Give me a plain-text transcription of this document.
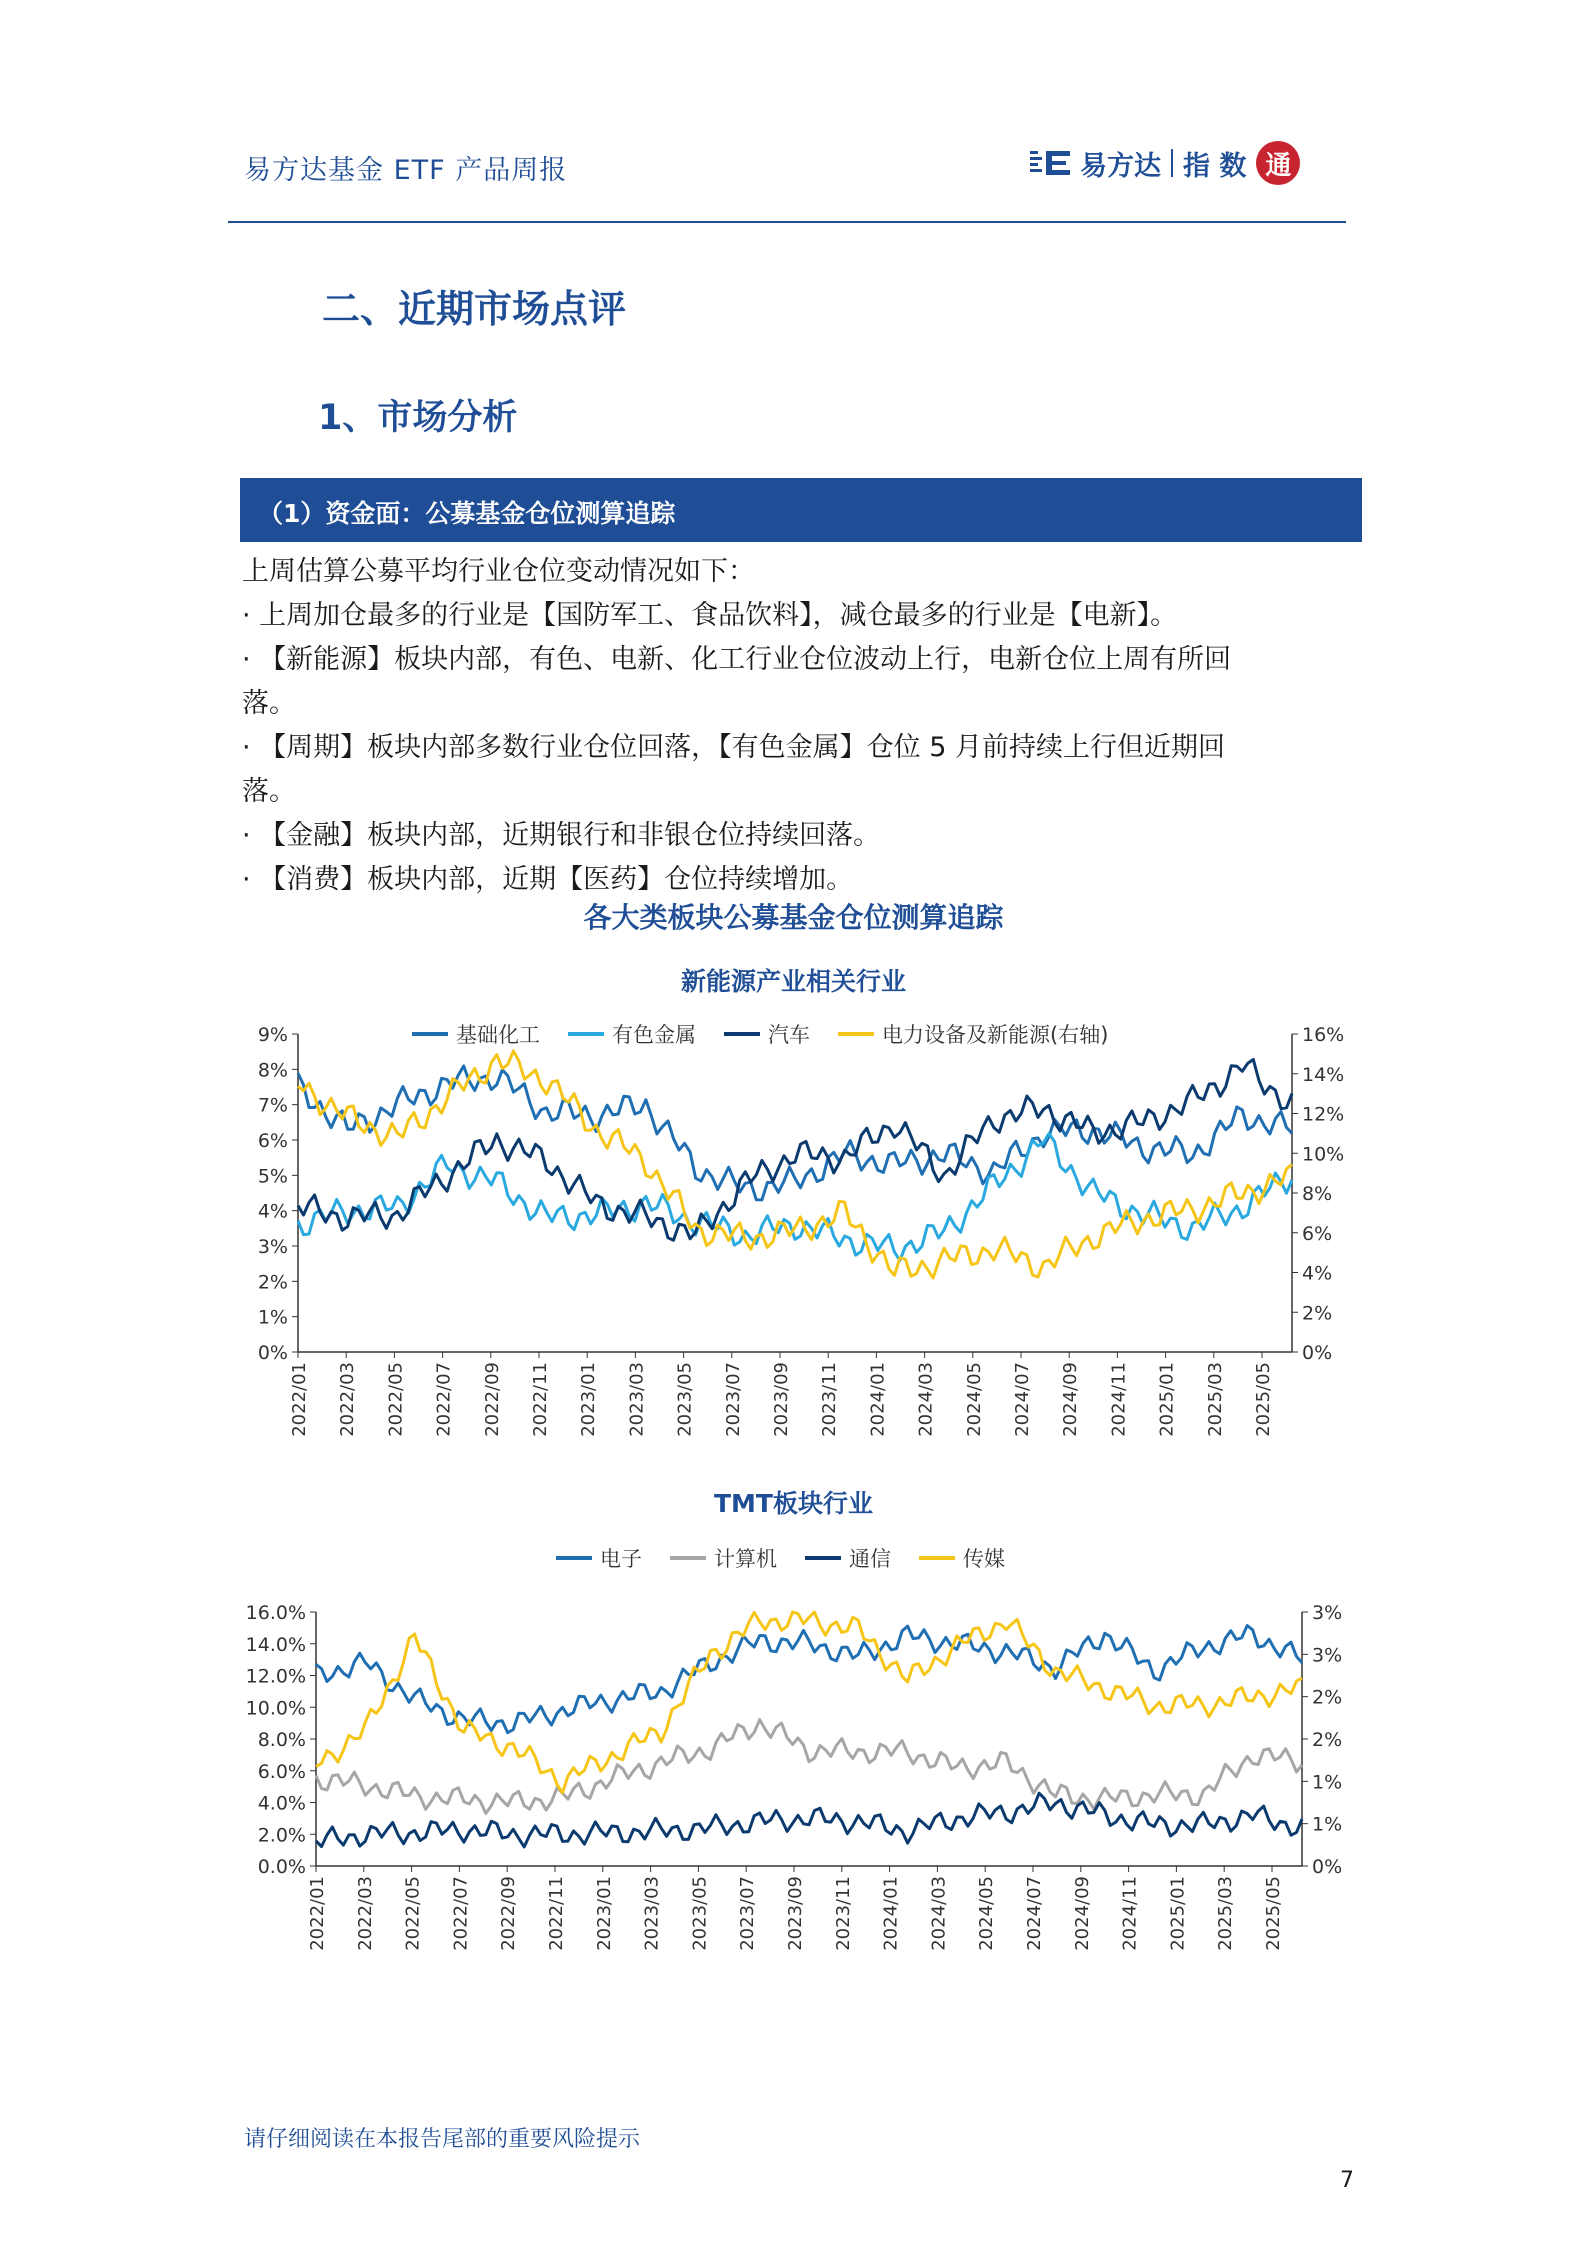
易方达基金 ETF 产品周报	易方达 指 数 通
二、近期市场点评
1、市场分析
（1）资金面：公募基金仓位测算追踪
上周估算公募平均行业仓位变动情况如下：
· 上周加仓最多的行业是【国防军工、食品饮料】，减仓最多的行业是【电新】。
· 【新能源】板块内部，有色、电新、化工行业仓位波动上行，电新仓位上周有所回
落。
· 【周期】板块内部多数行业仓位回落，【有色金属】仓位 5 月前持续上行但近期回
落。
· 【金融】板块内部，近期银行和非银仓位持续回落。
· 【消费】板块内部，近期【医药】仓位持续增加。
各大类板块公募基金仓位测算追踪
新能源产业相关行业
基础化工	有色金属	汽车	电力设备及新能源(右轴)
9%
8%
7%
6%
5%
4%
3%
2%
1%
0%
16%
14%
12%
10%
8%
6%
4%
2%
0%
2022/01 2022/03 2022/05 2022/07 2022/09 2022/11 2023/01 2023/03 2023/05 2023/07 2023/09 2023/11 2024/01 2024/03 2024/05 2024/07 2024/09 2024/11 2025/01 2025/03 2025/05
TMT板块行业
电子	计算机	通信	传媒
16.0%
14.0%
12.0%
10.0%
8.0%
6.0%
4.0%
2.0%
0.0%
3%
3%
2%
2%
1%
1%
0%
2022/01 2022/03 2022/05 2022/07 2022/09 2022/11 2023/01 2023/03 2023/05 2023/07 2023/09 2023/11 2024/01 2024/03 2024/05 2024/07 2024/09 2024/11 2025/01 2025/03 2025/05
请仔细阅读在本报告尾部的重要风险提示
7
